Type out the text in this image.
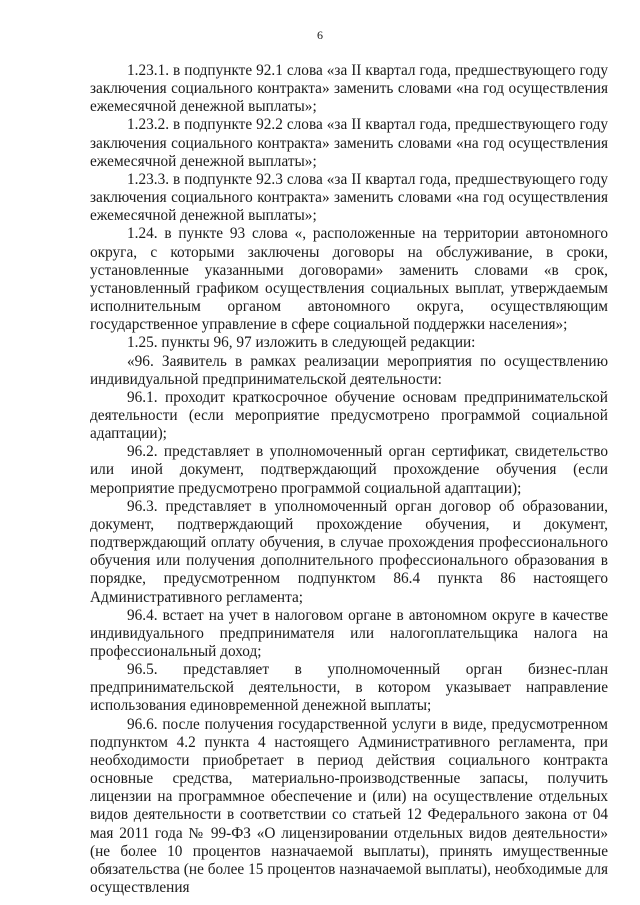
6

1.23.1. в подпункте 92.1 слова «за II квартал года, предшествующего году заключения социального контракта» заменить словами «на год осуществления ежемесячной денежной выплаты»;

1.23.2. в подпункте 92.2 слова «за II квартал года, предшествующего году заключения социального контракта» заменить словами «на год осуществления ежемесячной денежной выплаты»;

1.23.3. в подпункте 92.3 слова «за II квартал года, предшествующего году заключения социального контракта» заменить словами «на год осуществления ежемесячной денежной выплаты»;

1.24. в пункте 93 слова «, расположенные на территории автономного округа, с которыми заключены договоры на обслуживание, в сроки, установленные указанными договорами» заменить словами «в срок, установленный графиком осуществления социальных выплат, утверждаемым исполнительным органом автономного округа, осуществляющим государственное управление в сфере социальной поддержки населения»;

1.25. пункты 96, 97 изложить в следующей редакции:

«96. Заявитель в рамках реализации мероприятия по осуществлению индивидуальной предпринимательской деятельности:

96.1. проходит краткосрочное обучение основам предпринимательской деятельности (если мероприятие предусмотрено программой социальной адаптации);

96.2. представляет в уполномоченный орган сертификат, свидетельство или иной документ, подтверждающий прохождение обучения (если мероприятие предусмотрено программой социальной адаптации);

96.3. представляет в уполномоченный орган договор об образовании, документ, подтверждающий прохождение обучения, и документ, подтверждающий оплату обучения, в случае прохождения профессионального обучения или получения дополнительного профессионального образования в порядке, предусмотренном подпунктом 86.4 пункта 86 настоящего Административного регламента;

96.4. встает на учет в налоговом органе в автономном округе в качестве индивидуального предпринимателя или налогоплательщика налога на профессиональный доход;

96.5. представляет в уполномоченный орган бизнес-план предпринимательской деятельности, в котором указывает направление использования единовременной денежной выплаты;

96.6. после получения государственной услуги в виде, предусмотренном подпунктом 4.2 пункта 4 настоящего Административного регламента, при необходимости приобретает в период действия социального контракта основные средства, материально-производственные запасы, получить лицензии на программное обеспечение и (или) на осуществление отдельных видов деятельности в соответствии со статьей 12 Федерального закона от 04 мая 2011 года № 99-ФЗ «О лицензировании отдельных видов деятельности» (не более 10 процентов назначаемой выплаты), принять имущественные обязательства (не более 15 процентов назначаемой выплаты), необходимые для осуществления
